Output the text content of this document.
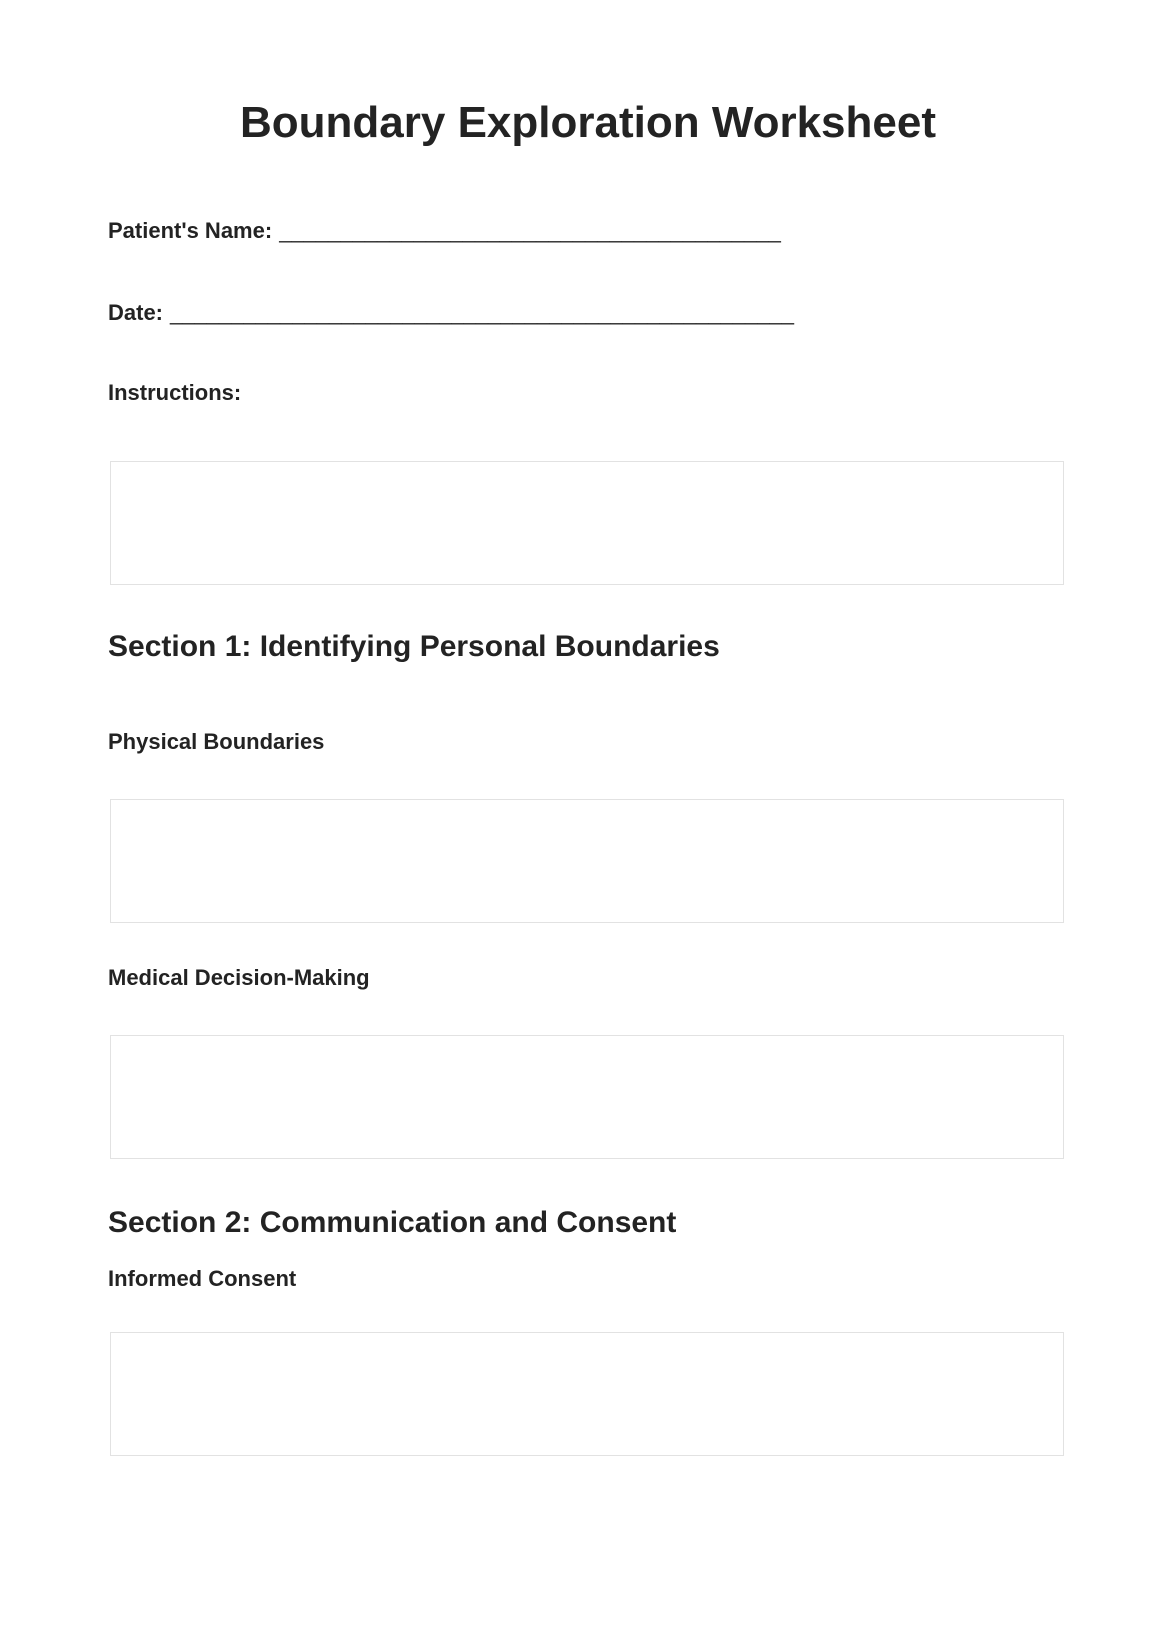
Boundary Exploration Worksheet
Patient's Name: _________________________________________
Date: ___________________________________________________
Instructions:
Section 1: Identifying Personal Boundaries
Physical Boundaries
Medical Decision-Making
Section 2: Communication and Consent
Informed Consent
